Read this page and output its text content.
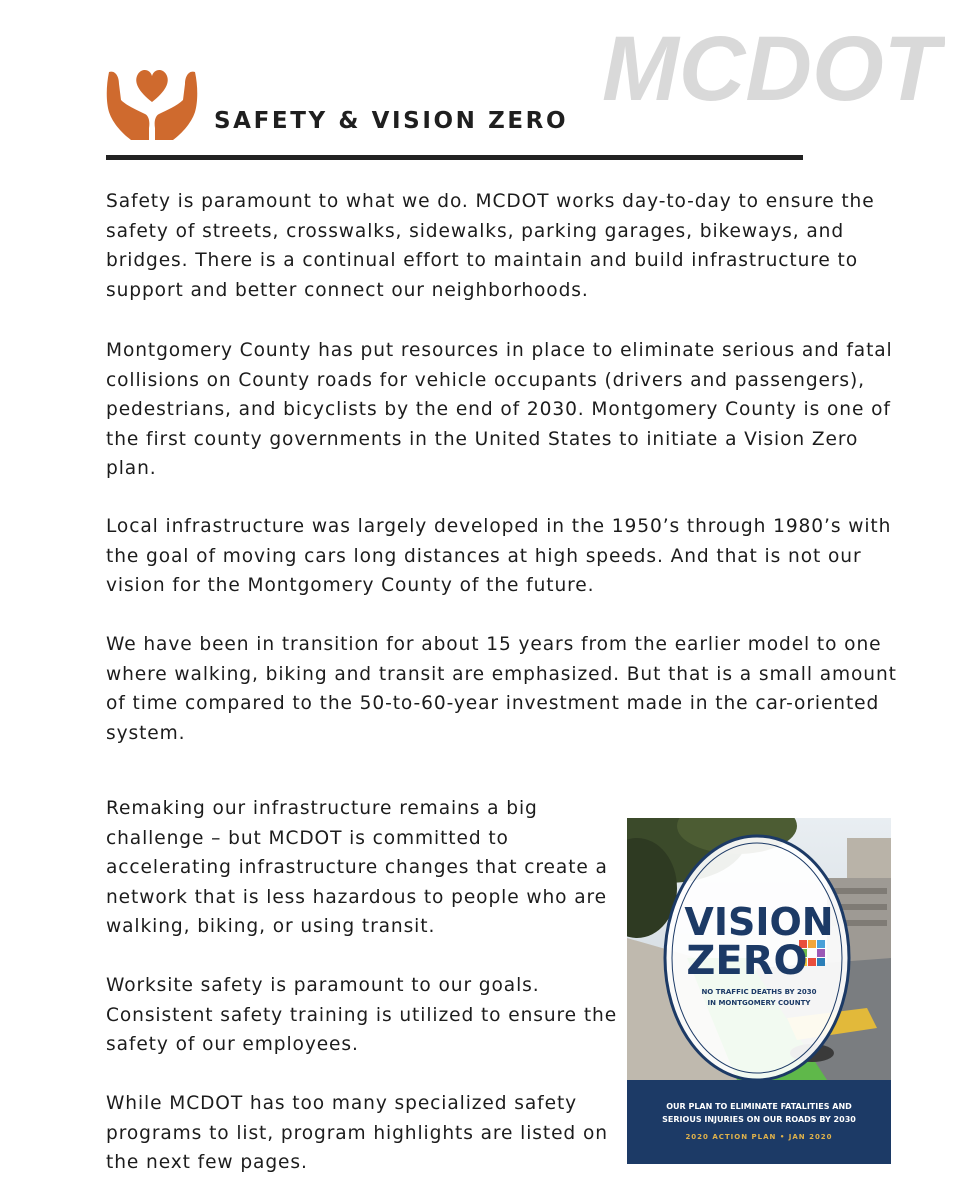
MCDOT
SAFETY & VISION ZERO

Safety is paramount to what we do. MCDOT works day-to-day to ensure the safety of streets, crosswalks, sidewalks, parking garages, bikeways, and bridges. There is a continual effort to maintain and build infrastructure to support and better connect our neighborhoods.

Montgomery County has put resources in place to eliminate serious and fatal collisions on County roads for vehicle occupants (drivers and passengers), pedestrians, and bicyclists by the end of 2030. Montgomery County is one of the first county governments in the United States to initiate a Vision Zero plan.

Local infrastructure was largely developed in the 1950’s through 1980’s with the goal of moving cars long distances at high speeds. And that is not our vision for the Montgomery County of the future.

We have been in transition for about 15 years from the earlier model to one where walking, biking and transit are emphasized. But that is a small amount of time compared to the 50-to-60-year investment made in the car-oriented system.

Remaking our infrastructure remains a big challenge – but MCDOT is committed to accelerating infrastructure changes that create a network that is less hazardous to people who are walking, biking, or using transit.

Worksite safety is paramount to our goals. Consistent safety training is utilized to ensure the safety of our employees.

While MCDOT has too many specialized safety programs to list, program highlights are listed on the next few pages.

VISION
ZERO
NO TRAFFIC DEATHS BY 2030
IN MONTGOMERY COUNTY
OUR PLAN TO ELIMINATE FATALITIES AND
SERIOUS INJURIES ON OUR ROADS BY 2030
2020 ACTION PLAN • JAN 2020
